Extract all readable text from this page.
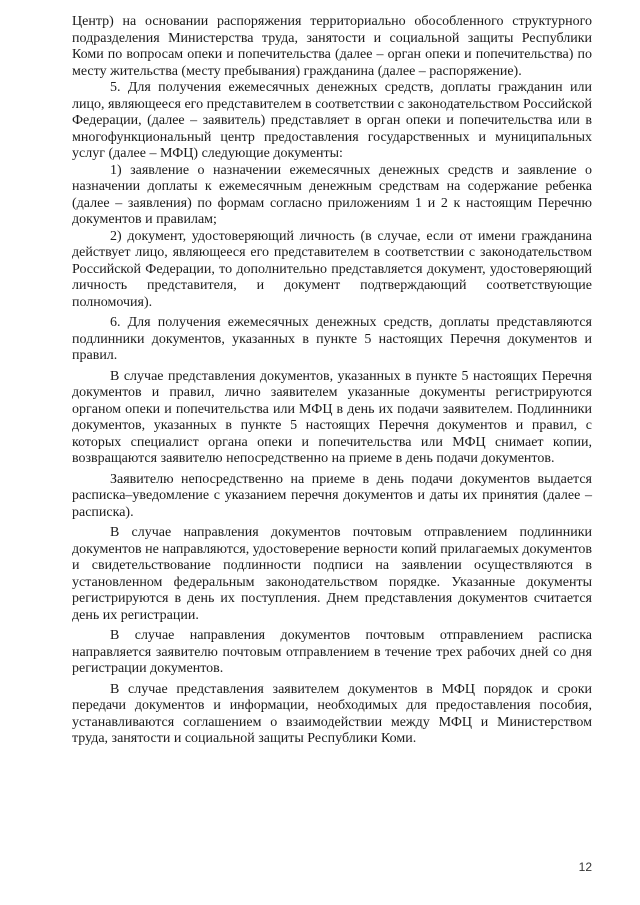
Центр) на основании распоряжения территориально обособленного структурного подразделения Министерства труда, занятости и социальной защиты Республики Коми по вопросам опеки и попечительства (далее – орган опеки и попечительства) по месту жительства (месту пребывания) гражданина (далее – распоряжение).

5. Для получения ежемесячных денежных средств, доплаты гражданин или лицо, являющееся его представителем в соответствии с законодательством Российской Федерации, (далее – заявитель) представляет в орган опеки и попечительства или в многофункциональный центр предоставления государственных и муниципальных услуг (далее – МФЦ) следующие документы:

1) заявление о назначении ежемесячных денежных средств и заявление о назначении доплаты к ежемесячным денежным средствам на содержание ребенка (далее – заявления) по формам согласно приложениям 1 и 2 к настоящим Перечню документов и правилам;

2) документ, удостоверяющий личность (в случае, если от имени гражданина действует лицо, являющееся его представителем в соответствии с законодательством Российской Федерации, то дополнительно представляется документ, удостоверяющий личность представителя, и документ подтверждающий соответствующие полномочия).

6. Для получения ежемесячных денежных средств, доплаты представляются подлинники документов, указанных в пункте 5 настоящих Перечня документов и правил.

В случае представления документов, указанных в пункте 5 настоящих Перечня документов и правил, лично заявителем указанные документы регистрируются органом опеки и попечительства или МФЦ в день их подачи заявителем. Подлинники документов, указанных в пункте 5 настоящих Перечня документов и правил, с которых специалист органа опеки и попечительства или МФЦ снимает копии, возвращаются заявителю непосредственно на приеме в день подачи документов.

Заявителю непосредственно на приеме в день подачи документов выдается расписка–уведомление с указанием перечня документов и даты их принятия (далее – расписка).

В случае направления документов почтовым отправлением подлинники документов не направляются, удостоверение верности копий прилагаемых документов и свидетельствование подлинности подписи на заявлении осуществляются в установленном федеральным законодательством порядке. Указанные документы регистрируются в день их поступления. Днем представления документов считается день их регистрации.

В случае направления документов почтовым отправлением расписка направляется заявителю почтовым отправлением в течение трех рабочих дней со дня регистрации документов.

В случае представления заявителем документов в МФЦ порядок и сроки передачи документов и информации, необходимых для предоставления пособия, устанавливаются соглашением о взаимодействии между МФЦ и Министерством труда, занятости и социальной защиты Республики Коми.

12
